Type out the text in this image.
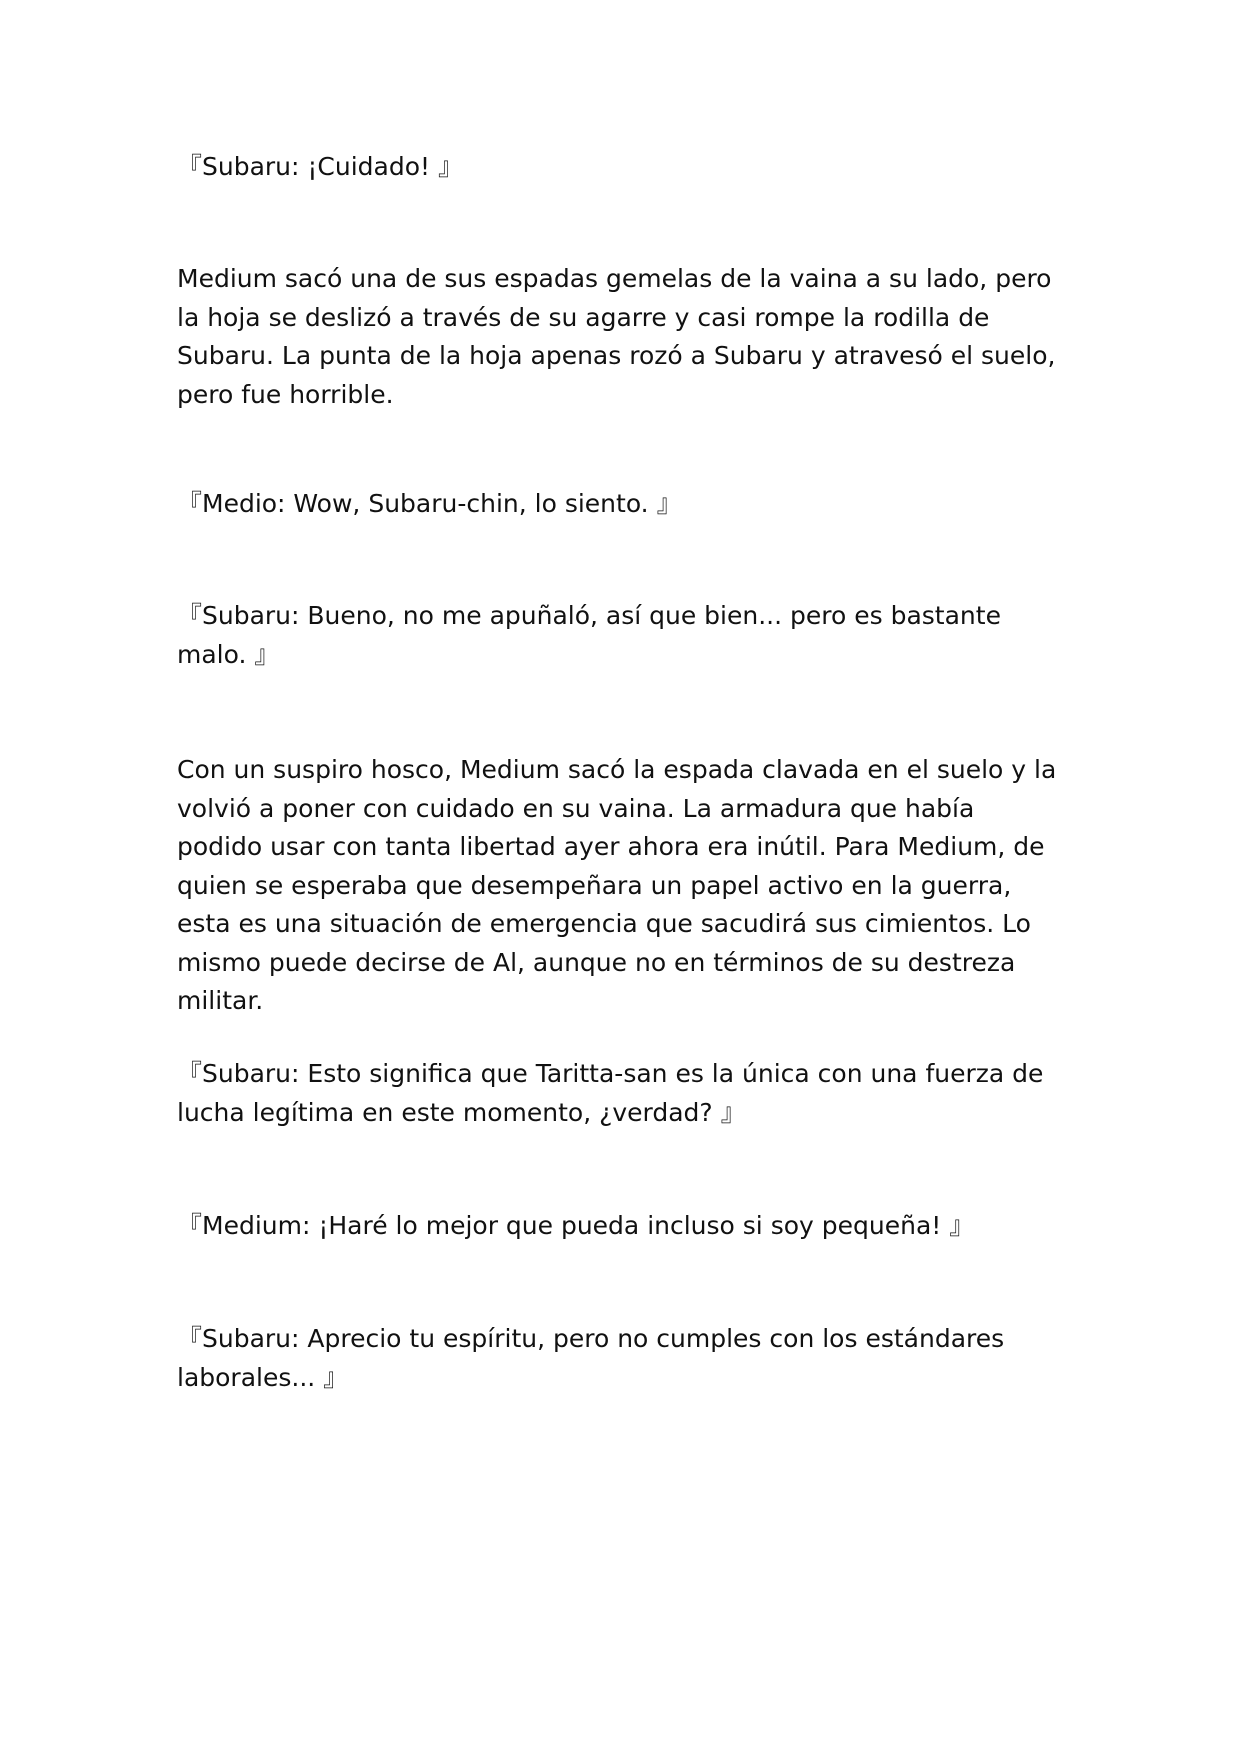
『Subaru: ¡Cuidado! 』

Medium sacó una de sus espadas gemelas de la vaina a su lado, pero la hoja se deslizó a través de su agarre y casi rompe la rodilla de Subaru. La punta de la hoja apenas rozó a Subaru y atravesó el suelo, pero fue horrible.

『Medio: Wow, Subaru-chin, lo siento. 』

『Subaru: Bueno, no me apuñaló, así que bien... pero es bastante malo. 』

Con un suspiro hosco, Medium sacó la espada clavada en el suelo y la volvió a poner con cuidado en su vaina. La armadura que había podido usar con tanta libertad ayer ahora era inútil. Para Medium, de quien se esperaba que desempeñara un papel activo en la guerra, esta es una situación de emergencia que sacudirá sus cimientos. Lo mismo puede decirse de Al, aunque no en términos de su destreza militar.

『Subaru: Esto significa que Taritta-san es la única con una fuerza de lucha legítima en este momento, ¿verdad? 』

『Medium: ¡Haré lo mejor que pueda incluso si soy pequeña! 』

『Subaru: Aprecio tu espíritu, pero no cumples con los estándares laborales... 』
